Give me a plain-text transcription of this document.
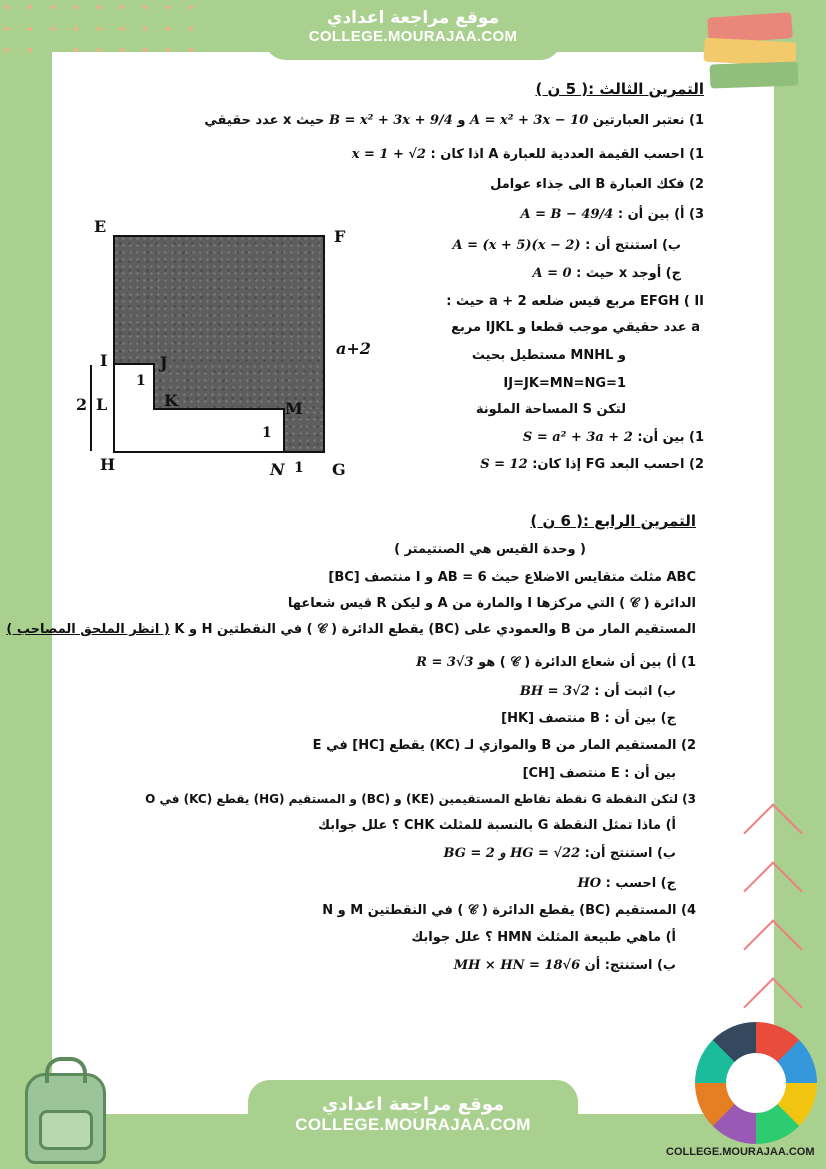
موقع مراجعة اعدادي
COLLEGE.MOURAJAA.COM
التمرين الثالث :( 5 ن )
1) نعتبر العبارتين A = x² + 3x − 10 و B = x² + 3x + 9/4 حيث x عدد حقيقي
1) احسب القيمة العددية للعبارة A اذا كان : x = 1 + √2
2) فكك العبارة B الى جذاء عوامل
3) أ) بين أن : A = B − 49/4
ب) استنتج أن : A = (x + 5)(x − 2)
ج) أوجد x حيث : A = 0
EFGH ( II مربع قيس ضلعه a + 2 حيث :
a عدد حقيقي موجب قطعا و IJKL مربع
و MNHL مستطيل بحيث
IJ=JK=MN=NG=1
لتكن S المساحة الملونة
1) بين أن: S = a² + 3a + 2
2) احسب البعد FG إذا كان: S = 12
E
F
I	J
K
L	M
H	N	G
a+2
1
1
1
2
التمرين الرابع :( 6 ن )
( وحدة القيس هي الصنتيمتر )
ABC مثلث متقايس الاضلاع حيث AB = 6 و I منتصف [BC]
الدائرة ( 𝒞 ) التي مركزها I والمارة من A و ليكن R قيس شعاعها
المستقيم المار من B والعمودي على (BC) يقطع الدائرة ( 𝒞 ) في النقطتين H و K ( انظر الملحق المصاحب )
1) أ) بين أن شعاع الدائرة ( 𝒞 ) هو R = 3√3
ب) اثبت أن : BH = 3√2
ج) بين أن : B منتصف [HK]
2) المستقيم المار من B والموازي لـ (KC) يقطع [HC] في E
بين أن : E منتصف [CH]
3) لتكن النقطة G نقطة تقاطع المستقيمين (KE) و (BC) و المستقيم (HG) يقطع (KC) في O
أ) ماذا تمثل النقطة G بالنسبة للمثلث CHK ؟ علل جوابك
ب) استنتج أن: BG = 2 و HG = √22
ج) احسب : HO
4) المستقيم (BC) يقطع الدائرة ( 𝒞 ) في النقطتين M و N
أ) ماهي طبيعة المثلث HMN ؟ علل جوابك
ب) استنتج: أن MH × HN = 18√6
موقع مراجعة اعدادي
COLLEGE.MOURAJAA.COM
COLLEGE.MOURAJAA.COM
